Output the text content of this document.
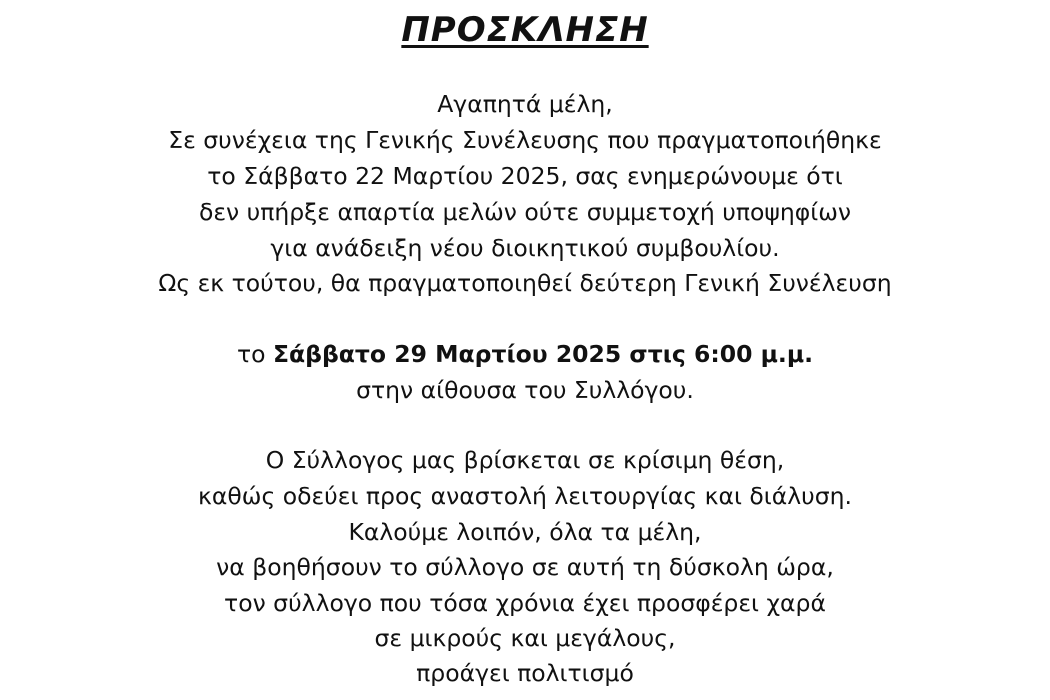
ΠΡΟΣΚΛΗΣΗ
Αγαπητά μέλη,
Σε συνέχεια της Γενικής Συνέλευσης που πραγματοποιήθηκε
το Σάββατο 22 Μαρτίου 2025, σας ενημερώνουμε ότι
δεν υπήρξε απαρτία μελών ούτε συμμετοχή υποψηφίων
για ανάδειξη νέου διοικητικού συμβουλίου.
Ως εκ τούτου, θα πραγματοποιηθεί δεύτερη Γενική Συνέλευση
το Σάββατο 29 Μαρτίου 2025 στις 6:00 μ.μ.
στην αίθουσα του Συλλόγου.
Ο Σύλλογος μας βρίσκεται σε κρίσιμη θέση,
καθώς οδεύει προς αναστολή λειτουργίας και διάλυση.
Καλούμε λοιπόν, όλα τα μέλη,
να βοηθήσουν το σύλλογο σε αυτή τη δύσκολη ώρα,
τον σύλλογο που τόσα χρόνια έχει προσφέρει χαρά
σε μικρούς και μεγάλους,
προάγει πολιτισμό
